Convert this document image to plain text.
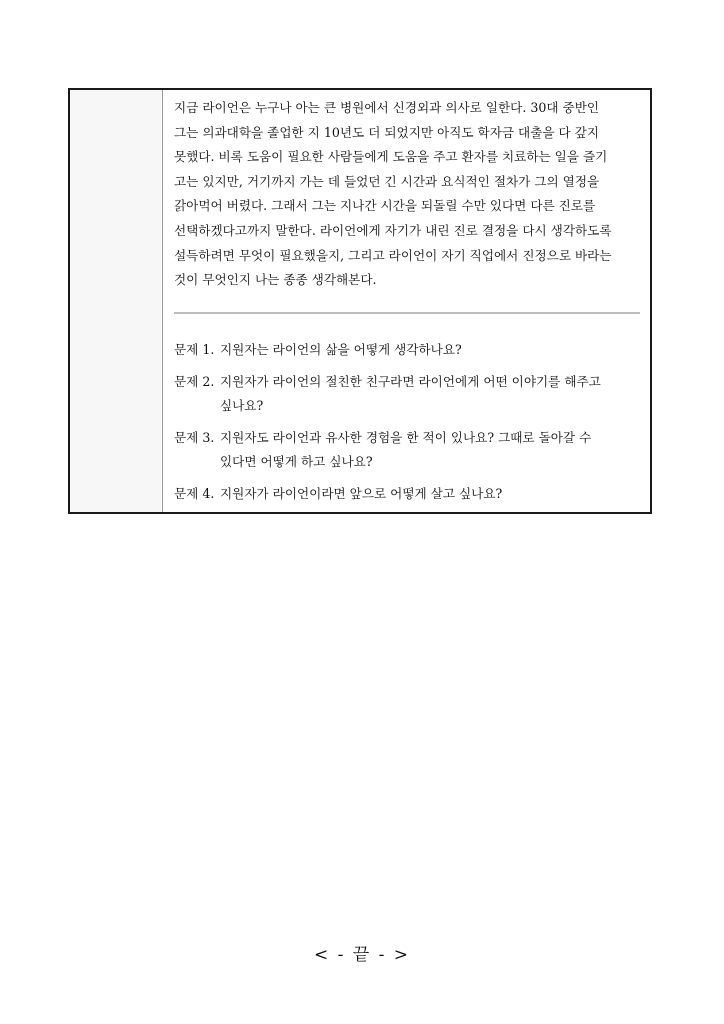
지금 라이언은 누구나 아는 큰 병원에서 신경외과 의사로 일한다. 30대 중반인
그는 의과대학을 졸업한 지 10년도 더 되었지만 아직도 학자금 대출을 다 갚지
못했다. 비록 도움이 필요한 사람들에게 도움을 주고 환자를 치료하는 일을 즐기
고는 있지만, 거기까지 가는 데 들었던 긴 시간과 요식적인 절차가 그의 열정을
갉아먹어 버렸다. 그래서 그는 지나간 시간을 되돌릴 수만 있다면 다른 진로를
선택하겠다고까지 말한다. 라이언에게 자기가 내린 진로 결정을 다시 생각하도록
설득하려면 무엇이 필요했을지, 그리고 라이언이 자기 직업에서 진정으로 바라는
것이 무엇인지 나는 종종 생각해본다.

문제 1. 지원자는 라이언의 삶을 어떻게 생각하나요?
문제 2. 지원자가 라이언의 절친한 친구라면 라이언에게 어떤 이야기를 해주고
싶나요?
문제 3. 지원자도 라이언과 유사한 경험을 한 적이 있나요? 그때로 돌아갈 수
있다면 어떻게 하고 싶나요?
문제 4. 지원자가 라이언이라면 앞으로 어떻게 살고 싶나요?
< - 끝 - >
